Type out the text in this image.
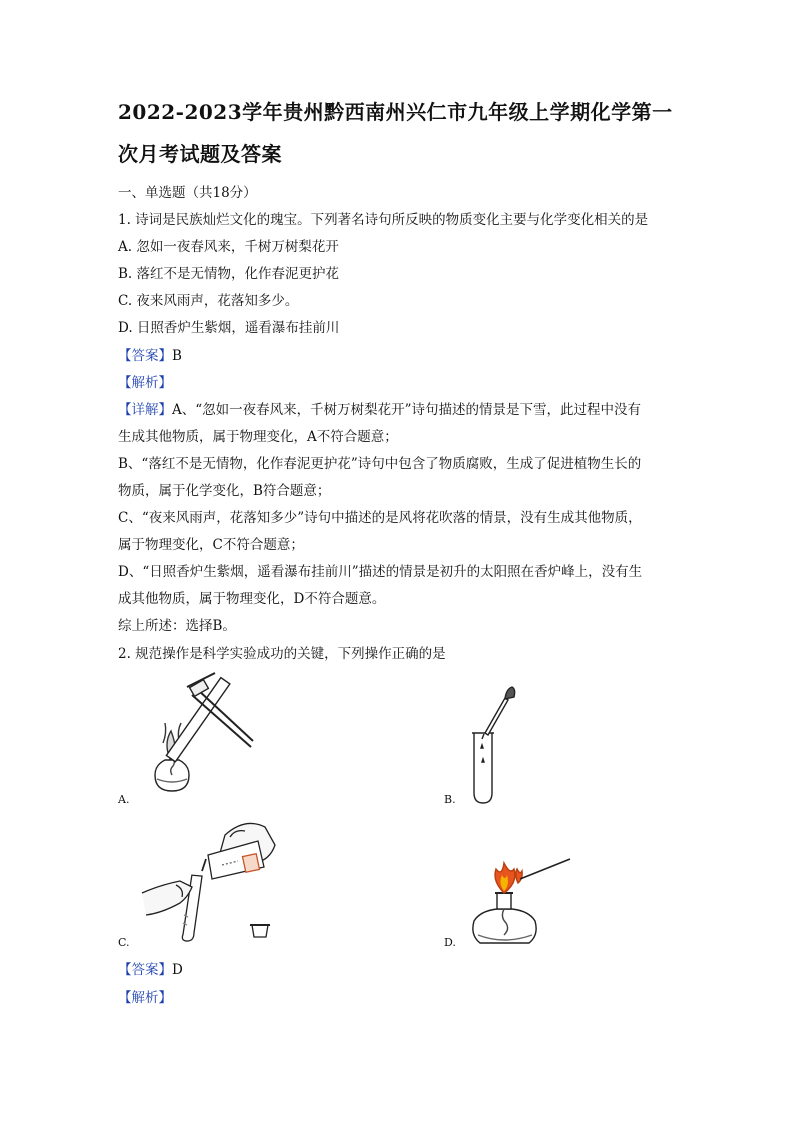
2022-2023学年贵州黔西南州兴仁市九年级上学期化学第一
次月考试题及答案
一、单选题（共18分）
1. 诗词是民族灿烂文化的瑰宝。下列著名诗句所反映的物质变化主要与化学变化相关的是
A. 忽如一夜春风来，千树万树梨花开
B. 落红不是无情物，化作春泥更护花
C. 夜来风雨声，花落知多少。
D. 日照香炉生紫烟，遥看瀑布挂前川
【答案】B
【解析】
【详解】A、“忽如一夜春风来，千树万树梨花开”诗句描述的情景是下雪，此过程中没有
生成其他物质，属于物理变化，A不符合题意；
B、“落红不是无情物，化作春泥更护花”诗句中包含了物质腐败，生成了促进植物生长的
物质，属于化学变化，B符合题意；
C、“夜来风雨声，花落知多少”诗句中描述的是风将花吹落的情景，没有生成其他物质，
属于物理变化，C不符合题意；
D、“日照香炉生紫烟，遥看瀑布挂前川”描述的情景是初升的太阳照在香炉峰上，没有生
成其他物质，属于物理变化，D不符合题意。
综上所述：选择B。
2. 规范操作是科学实验成功的关键，下列操作正确的是
A.	B.
C.	D.
【答案】D
【解析】
